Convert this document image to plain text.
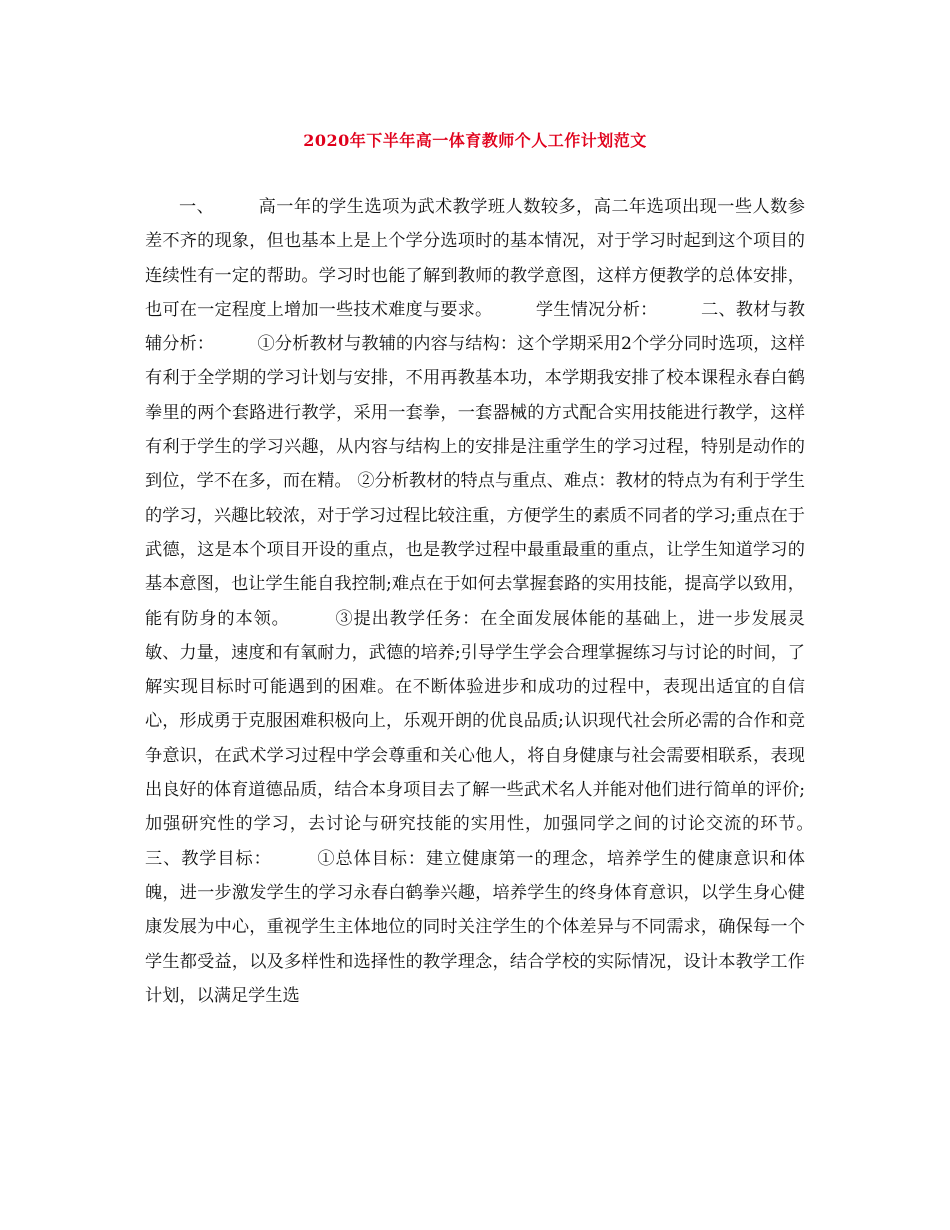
2020年下半年高一体育教师个人工作计划范文

一、　　　高一年的学生选项为武术教学班人数较多，高二年选项出现一些人数参差不齐的现象，但也基本上是上个学分选项时的基本情况，对于学习时起到这个项目的连续性有一定的帮助。学习时也能了解到教师的教学意图，这样方便教学的总体安排，也可在一定程度上增加一些技术难度与要求。　　　学生情况分析：　　　二、教材与教辅分析：　　　①分析教材与教辅的内容与结构：这个学期采用2个学分同时选项，这样有利于全学期的学习计划与安排，不用再教基本功，本学期我安排了校本课程永春白鹤拳里的两个套路进行教学，采用一套拳，一套器械的方式配合实用技能进行教学，这样有利于学生的学习兴趣，从内容与结构上的安排是注重学生的学习过程，特别是动作的到位，学不在多，而在精。 ②分析教材的特点与重点、难点：教材的特点为有利于学生的学习，兴趣比较浓，对于学习过程比较注重，方便学生的素质不同者的学习;重点在于武德，这是本个项目开设的重点，也是教学过程中最重最重的重点，让学生知道学习的基本意图，也让学生能自我控制;难点在于如何去掌握套路的实用技能，提高学以致用，能有防身的本领。　　　③提出教学任务：在全面发展体能的基础上，进一步发展灵敏、力量，速度和有氧耐力，武德的培养;引导学生学会合理掌握练习与讨论的时间，了解实现目标时可能遇到的困难。在不断体验进步和成功的过程中，表现出适宜的自信心，形成勇于克服困难积极向上，乐观开朗的优良品质;认识现代社会所必需的合作和竞争意识，在武术学习过程中学会尊重和关心他人，将自身健康与社会需要相联系，表现出良好的体育道德品质，结合本身项目去了解一些武术名人并能对他们进行简单的评价;加强研究性的学习，去讨论与研究技能的实用性，加强同学之间的讨论交流的环节。　　　三、教学目标：　　　①总体目标：建立健康第一的理念，培养学生的健康意识和体魄，进一步激发学生的学习永春白鹤拳兴趣，培养学生的终身体育意识，以学生身心健康发展为中心，重视学生主体地位的同时关注学生的个体差异与不同需求，确保每一个学生都受益，以及多样性和选择性的教学理念，结合学校的实际情况，设计本教学工作计划，以满足学生选
